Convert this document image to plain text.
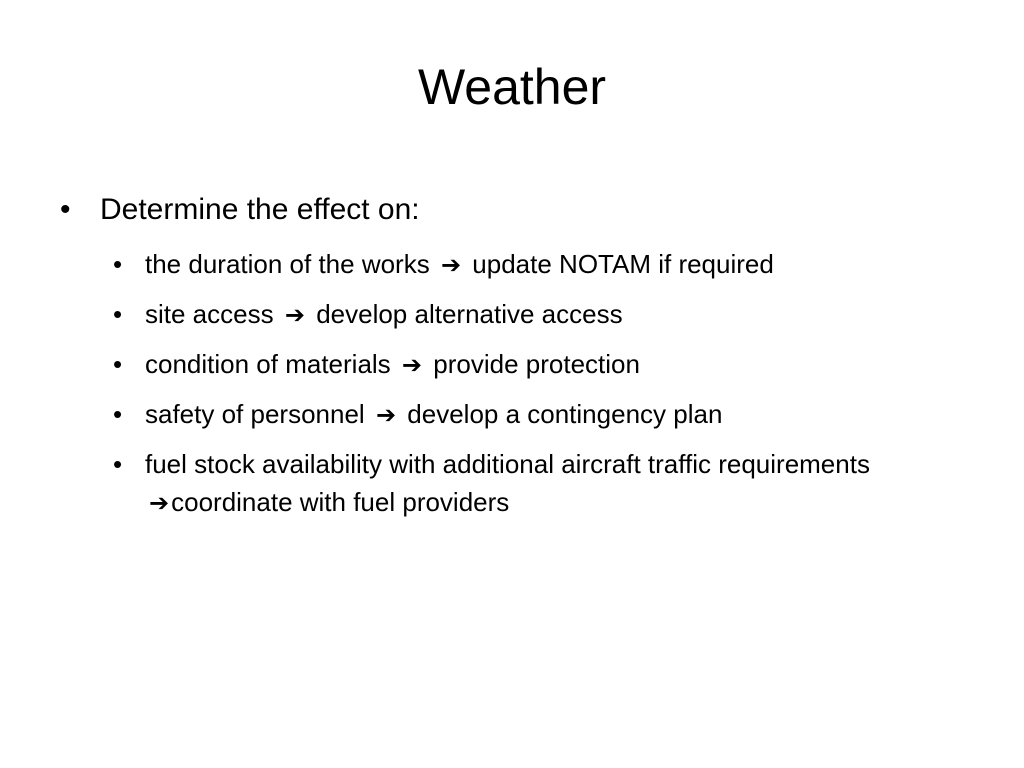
Weather
• Determine the effect on:
• the duration of the works ➔ update NOTAM if required
• site access ➔ develop alternative access
• condition of materials ➔ provide protection
• safety of personnel ➔ develop a contingency plan
• fuel stock availability with additional aircraft traffic requirements ➔coordinate with fuel providers
